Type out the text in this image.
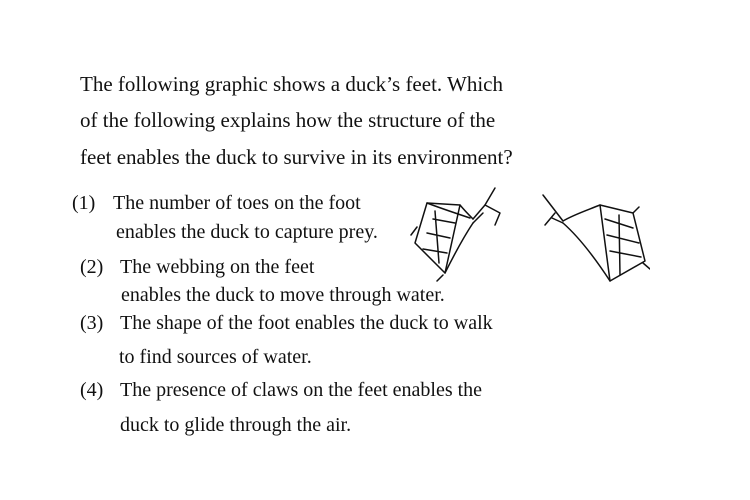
The following graphic shows a duck’s feet. Which
of the following explains how the structure of the
feet enables the duck to survive in its environment?
(1) The number of toes on the foot
enables the duck to capture prey.
(2) The webbing on the feet
enables the duck to move through water.
(3) The shape of the foot enables the duck to walk
to find sources of water.
(4) The presence of claws on the feet enables the
duck to glide through the air.
